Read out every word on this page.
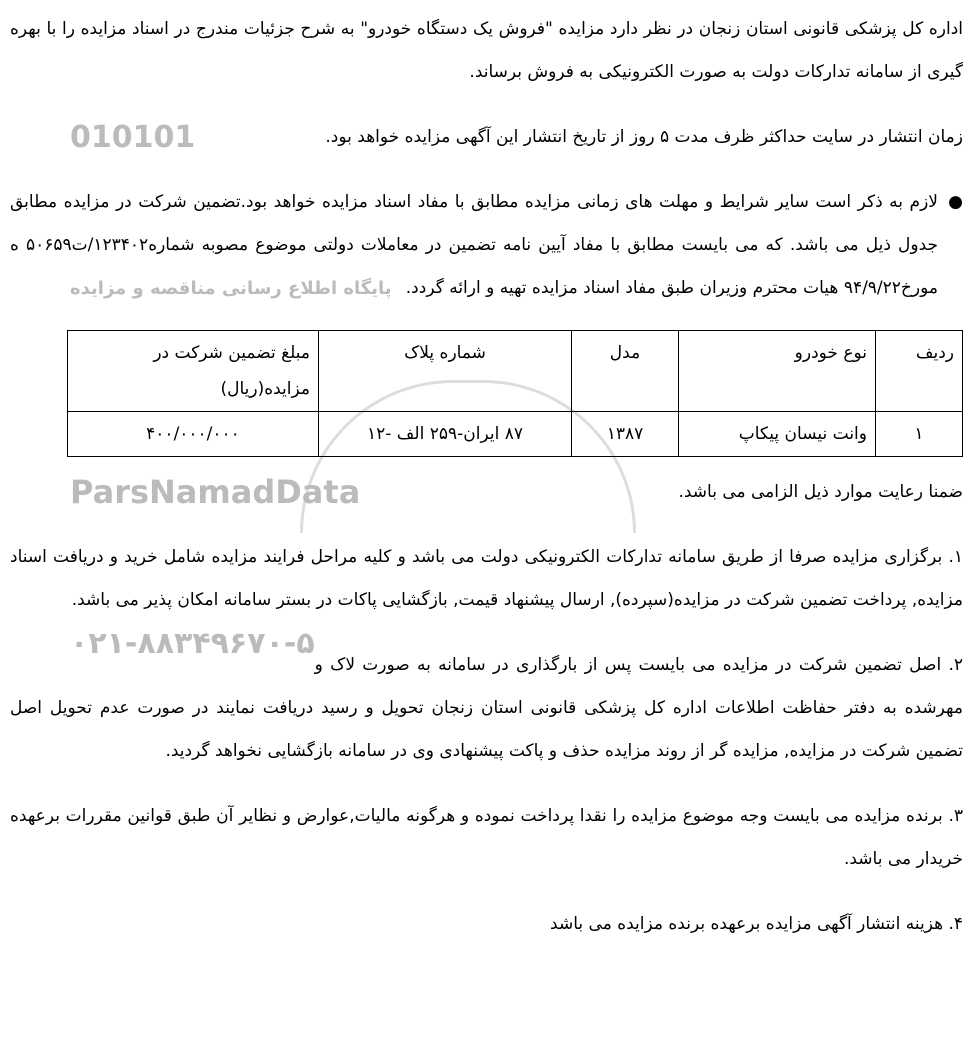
اداره کل پزشکی قانونی استان زنجان در نظر دارد مزایده "فروش یک دستگاه خودرو" به شرح جزئیات مندرج در اسناد مزایده را با بهره گیری از سامانه تدارکات دولت به صورت الکترونیکی به فروش برساند.

زمان انتشار در سایت حداکثر ظرف مدت ۵ روز از تاریخ انتشار این آگهی مزایده خواهد بود.
010101

●
لازم به ذکر است سایر شرایط و مهلت های زمانی مزایده مطابق با مفاد اسناد مزایده خواهد بود.تضمین شرکت در مزایده مطابق جدول ذیل می باشد. که می بایست مطابق با مفاد آیین نامه تضمین در معاملات دولتی موضوع مصوبه شماره۱۲۳۴۰۲/ت۵۰۶۵۹ ه مورخ۹۴/۹/۲۲ هیات محترم وزیران طبق مفاد اسناد مزایده تهیه و ارائه گردد.
پایگاه اطلاع رسانی مناقصه و مزایده
ردیف	نوع خودرو	مدل	شماره پلاک	مبلغ تضمین شرکت در مزایده(ریال)
۱	وانت نیسان پیکاپ	۱۳۸۷	۸۷ ایران-۲۵۹ الف -۱۲	۴۰۰/۰۰۰/۰۰۰

ضمنا رعایت موارد ذیل الزامی می باشد.
ParsNamadData

۱. برگزاری مزایده صرفا از طریق سامانه تدارکات الکترونیکی دولت می باشد و کلیه مراحل فرایند مزایده شامل خرید و دریافت اسناد مزایده, پرداخت تضمین شرکت در مزایده(سپرده), ارسال پیشنهاد قیمت, بازگشایی پاکات در بستر سامانه امکان پذیر می باشد.
۰۲۱-۸۸۳۴۹۶۷۰-۵

۲. اصل تضمین شرکت در مزایده می بایست پس از بارگذاری در سامانه به صورت لاک و مهرشده به دفتر حفاظت اطلاعات اداره کل پزشکی قانونی استان زنجان تحویل و رسید دریافت نمایند در صورت عدم تحویل اصل تضمین شرکت در مزایده, مزایده گر از روند مزایده حذف و پاکت پیشنهادی وی در سامانه بازگشایی نخواهد گردید.

۳. برنده مزایده می بایست وجه موضوع مزایده را نقدا پرداخت نموده و هرگونه مالیات,عوارض و نظایر آن طبق قوانین مقررات برعهده خریدار می باشد.

۴. هزینه انتشار آگهی مزایده برعهده برنده مزایده می باشد
